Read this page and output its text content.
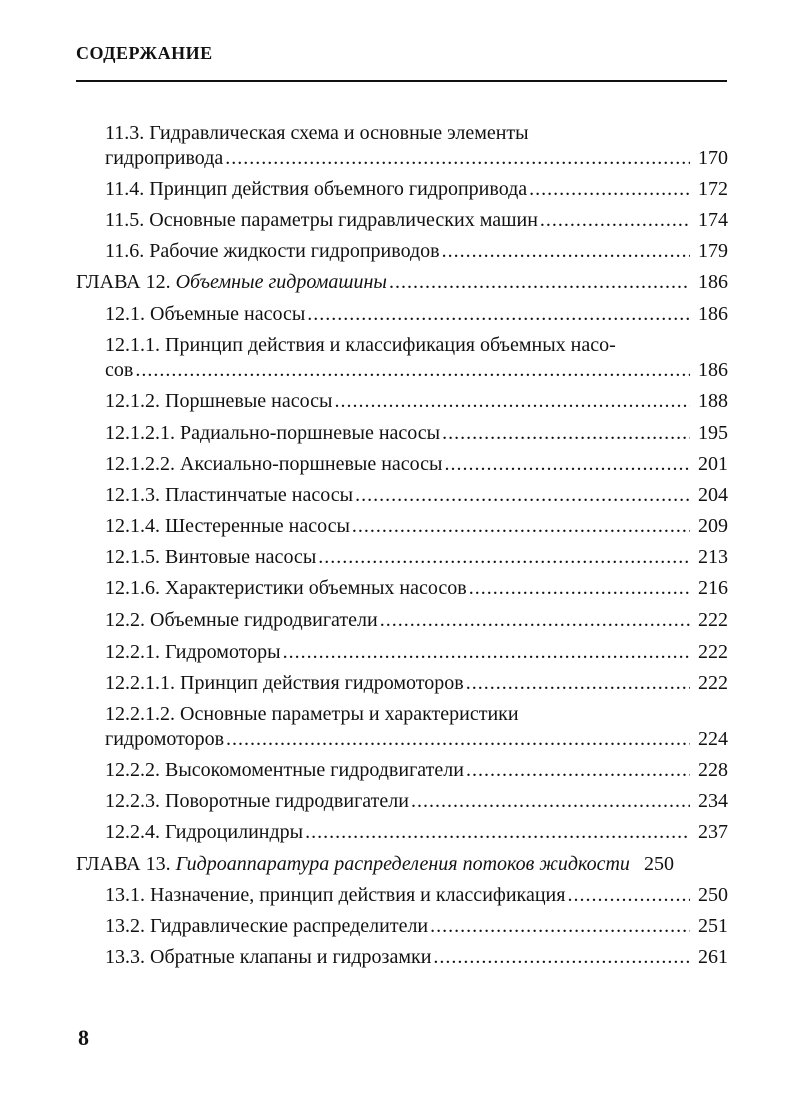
СОДЕРЖАНИЕ
11.3. Гидравлическая схема и основные элементы
гидропривода .....	170
11.4. Принцип действия объемного гидропривода .....	172
11.5. Основные параметры гидравлических машин .....	174
11.6. Рабочие жидкости гидроприводов .....	179
ГЛАВА 12. Объемные гидромашины .....	186
12.1. Объемные насосы .....	186
12.1.1. Принцип действия и классификация объемных насо-
сов .....	186
12.1.2. Поршневые насосы .....	188
12.1.2.1. Радиально-поршневые насосы .....	195
12.1.2.2. Аксиально-поршневые насосы .....	201
12.1.3. Пластинчатые насосы .....	204
12.1.4. Шестеренные насосы .....	209
12.1.5. Винтовые насосы .....	213
12.1.6. Характеристики объемных насосов .....	216
12.2. Объемные гидродвигатели .....	222
12.2.1. Гидромоторы .....	222
12.2.1.1. Принцип действия гидромоторов .....	222
12.2.1.2. Основные параметры и характеристики
гидромоторов .....	224
12.2.2. Высокомоментные гидродвигатели .....	228
12.2.3. Поворотные гидродвигатели .....	234
12.2.4. Гидроцилиндры .....	237
ГЛАВА 13. Гидроаппаратура распределения потоков жидкости 250
13.1. Назначение, принцип действия и классификация .....	250
13.2. Гидравлические распределители .....	251
13.3. Обратные клапаны и гидрозамки .....	261
8
